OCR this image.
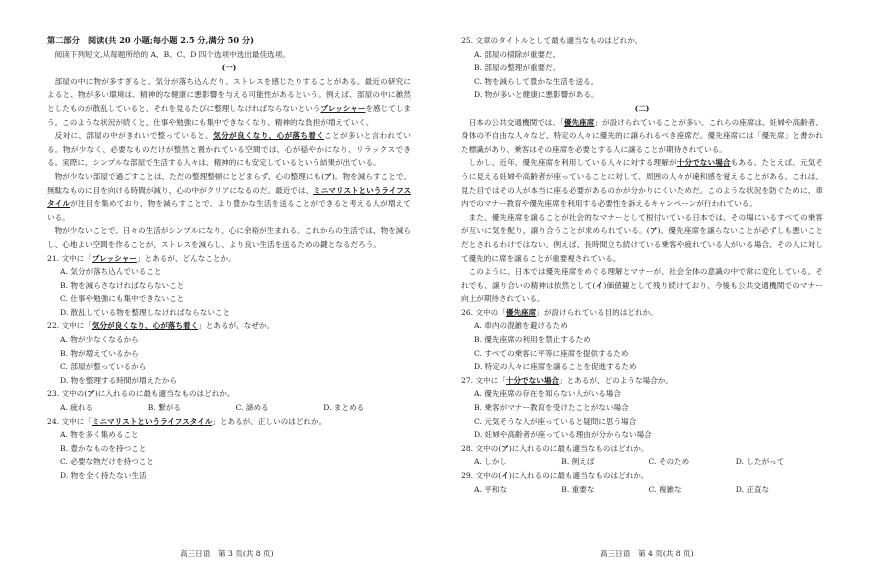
第二部分　阅读(共 20 小题;每小题 2.5 分,满分 50 分)

阅读下列短文,从每题所给的 A、B、C、D 四个选项中选出最佳选项。

(一)

部屋の中に物が多すぎると、気分が落ち込んだり、ストレスを感じたりすることがある。最近の研究によると、物が多い環境は、精神的な健康に悪影響を与える可能性があるという。例えば、部屋の中に雑然としたものが散乱していると、それを見るたびに整理しなければならないというプレッシャーを感じてしまう。このような状況が続くと、仕事や勉強にも集中できなくなり、精神的な負担が増えていく。

反対に、部屋の中がきれいで整っていると、気分が良くなり、心が落ち着くことが多いと言われている。物が少なく、必要なものだけが整然と置かれている空間では、心が穏やかになり、リラックスできる。実際に、シンプルな部屋で生活する人々は、精神的にも安定しているという結果が出ている。

物が少ない部屋で過ごすことは、ただの整理整頓にとどまらず、心の整理にも(ア)。物を減らすことで、無駄なものに目を向ける時間が減り、心の中がクリアになるのだ。最近では、ミニマリストというライフスタイルが注目を集めており、物を減らすことで、より豊かな生活を送ることができると考える人が増えている。

物が少ないことで、日々の生活がシンプルになり、心に余裕が生まれる。これからの生活では、物を減らし、心地よい空間を作ることが、ストレスを減らし、より良い生活を送るための鍵となるだろう。

21. 文中に「プレッシャー」とあるが、どんなことか。

A. 気分が落ち込んでいること

B. 物を減らさなければならないこと

C. 仕事や勉強にも集中できないこと

D. 散乱している物を整理しなければならないこと

22. 文中に「気分が良くなり、心が落ち着く」とあるが、なぜか。

A. 物が少なくなるから

B. 物が増えているから

C. 部屋が整っているから

D. 物を整理する時間が増えたから

23. 文中の(ア)に入れるのに最も適当なものはどれか。

A. 疲れる	B. 繋がる	C. 諦める	D. まとめる

24. 文中に「ミニマリストというライフスタイル」とあるが、正しいのはどれか。

A. 物を多く集めること

B. 豊かなものを持つこと

C. 必要な物だけを持つこと

D. 物を全く持たない生活

25. 文章のタイトルとして最も適当なものはどれか。

A. 部屋の掃除が重要だ。

B. 部屋の整理が重要だ。

C. 物を減らして豊かな生活を送る。

D. 物が多いと健康に悪影響がある。

(二)

日本の公共交通機関では、「優先座席」が設けられていることが多い。これらの座席は、妊婦や高齢者、身体の不自由な人々など、特定の人々に優先的に譲られるべき座席だ。優先座席には「優先席」と書かれた標識があり、乗客はその座席を必要とする人に譲ることが期待されている。

しかし、近年、優先座席を利用している人々に対する理解が十分でない場合もある。たとえば、元気そうに見える妊婦や高齢者が座っていることに対して、周囲の人々が違和感を覚えることがある。これは、見た目ではその人が本当に座る必要があるのかが分かりにくいためだ。このような状況を防ぐために、車内でのマナー教育や優先座席を利用する必要性を訴えるキャンペーンが行われている。

また、優先座席を譲ることが社会的なマナーとして根付いている日本では、その場にいるすべての乗客が互いに気を配り、譲り合うことが求められている。(ア)、優先座席を譲らないことが必ずしも悪いことだとされるわけではない。例えば、長時間立ち続けている乗客や疲れている人がいる場合、その人に対して優先的に席を譲ることが重要視されている。

このように、日本では優先座席をめぐる理解とマナーが、社会全体の意識の中で常に変化している。それでも、譲り合いの精神は依然として(イ)価値観として残り続けており、今後も公共交通機関でのマナー向上が期待されている。

26. 文中の「優先座席」が設けられている目的はどれか。

A. 車内の混雑を避けるため

B. 優先座席の利用を禁止するため

C. すべての乗客に平等に座席を提供するため

D. 特定の人々に座席を譲ることを促進するため

27. 文中に「十分でない場合」とあるが、どのような場合か。

A. 優先座席の存在を知らない人がいる場合

B. 乗客がマナー教育を受けたことがない場合

C. 元気そうな人が座っていると疑問に思う場合

D. 妊婦や高齢者が座っている理由が分からない場合

28. 文中の(ア)に入れるのに最も適当なものはどれか。

A. しかし	B. 例えば	C. そのため	D. したがって

29. 文中の(イ)に入れるのに最も適当なものはどれか。

A. 平和な	B. 重要な	C. 複雑な	D. 正直な
高三日语　第 3 页(共 8 页)	高三日语　第 4 页(共 8 页)
